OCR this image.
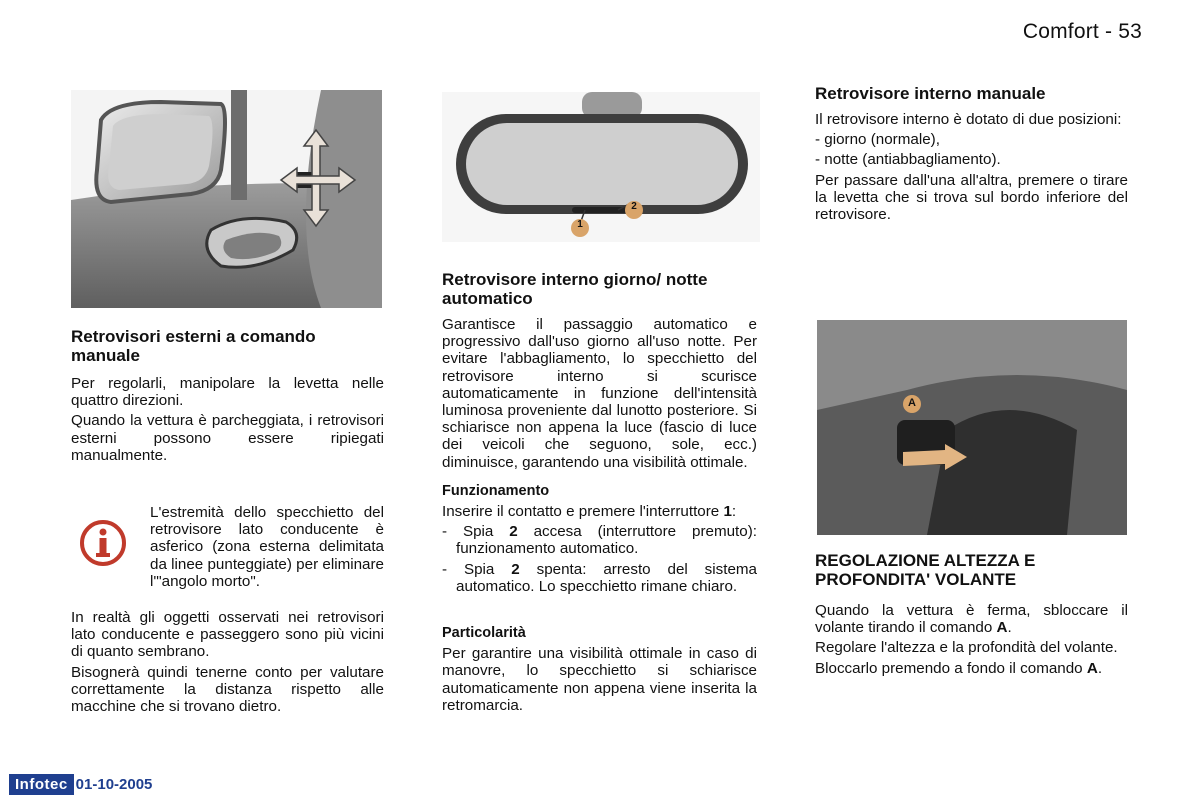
Comfort - 53
1
2
A
Retrovisori esterni a comando manuale

Per regolarli, manipolare la levetta nelle quattro direzioni.

Quando la vettura è parcheggiata, i retrovisori esterni possono essere ripiegati manualmente.

L'estremità dello specchietto del retrovisore lato conducente è asferico (zona esterna delimitata da linee punteggiate) per eliminare l'"angolo morto".

In realtà gli oggetti osservati nei retrovisori lato conducente e passeggero sono più vicini di quanto sembrano.

Bisognerà quindi tenerne conto per valutare correttamente la distanza rispetto alle macchine che si trovano dietro.

Retrovisore interno giorno/ notte automatico

Garantisce il passaggio automatico e progressivo dall'uso giorno all'uso notte. Per evitare l'abbagliamento, lo specchietto del retrovisore interno si scurisce automaticamente in funzione dell'intensità luminosa proveniente dal lunotto posteriore. Si schiarisce non appena la luce (fascio di luce dei veicoli che seguono, sole, ecc.) diminuisce, garantendo una visibilità ottimale.

Funzionamento

Inserire il contatto e premere l'interruttore 1:

- Spia 2 accesa (interruttore premuto): funzionamento automatico.

- Spia 2 spenta: arresto del sistema automatico. Lo specchietto rimane chiaro.

Particolarità

Per garantire una visibilità ottimale in caso di manovre, lo specchietto si schiarisce automaticamente non appena viene inserita la retromarcia.

Retrovisore interno manuale

Il retrovisore interno è dotato di due posizioni:

- giorno (normale),

- notte (antiabbagliamento).

Per passare dall'una all'altra, premere o tirare la levetta che si trova sul bordo inferiore del retrovisore.

REGOLAZIONE ALTEZZA E PROFONDITA' VOLANTE

Quando la vettura è ferma, sbloccare il volante tirando il comando A.

Regolare l'altezza e la profondità del volante.

Bloccarlo premendo a fondo il comando A.

Infotec 01-10-2005
